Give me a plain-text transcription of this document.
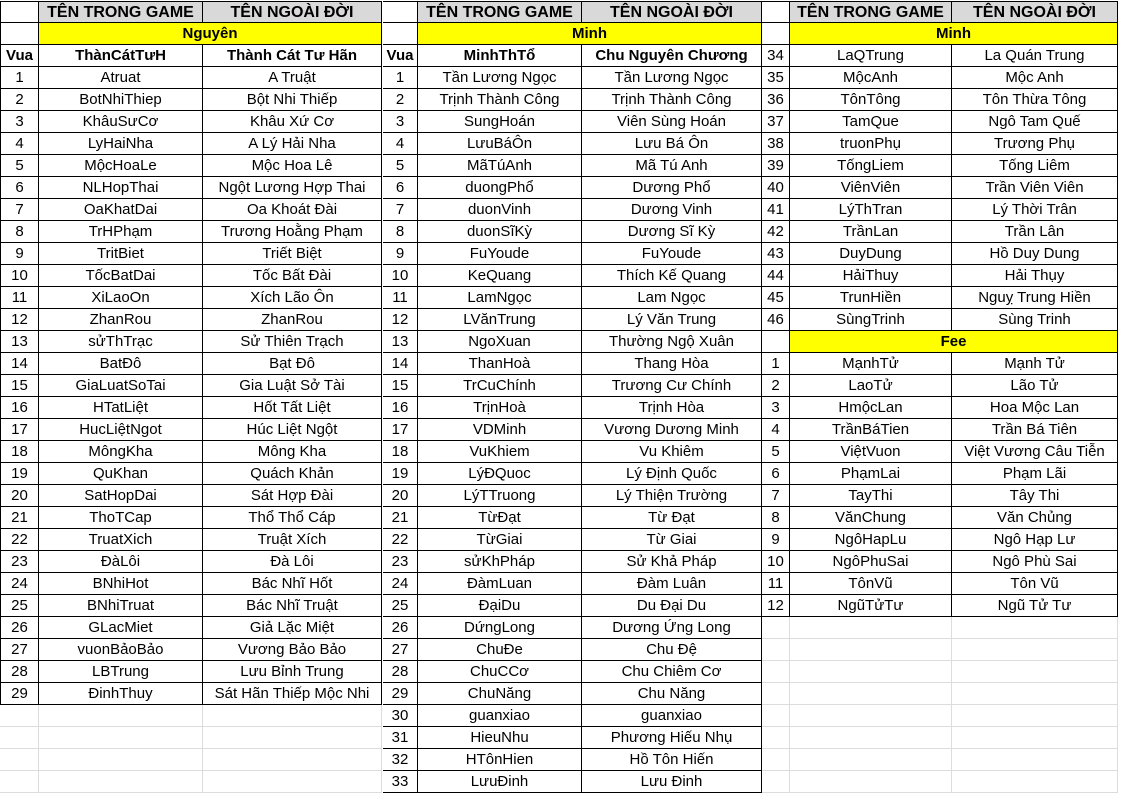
TÊN TRONG GAME	TÊN NGOÀI ĐỜI
Nguyên
Vua	ThànCátTưH	Thành Cát Tư Hãn
1	Atruat	A Truật
2	BotNhiThiep	Bột Nhi Thiếp
3	KhâuSưCơ	Khâu Xứ Cơ
4	LyHaiNha	A Lý Hải Nha
5	MộcHoaLe	Mộc Hoa Lê
6	NLHopThai	Ngột Lương Hợp Thai
7	OaKhatDai	Oa Khoát Đài
8	TrHPhạm	Trương Hoằng Phạm
9	TritBiet	Triết Biệt
10	TốcBatDai	Tốc Bất Đài
11	XiLaoOn	Xích Lão Ôn
12	ZhanRou	ZhanRou
13	sửThTrạc	Sử Thiên Trạch
14	BatĐô	Bạt Đô
15	GiaLuatSoTai	Gia Luật Sở Tài
16	HTatLiệt	Hốt Tất Liệt
17	HucLiệtNgot	Húc Liệt Ngột
18	MôngKha	Mông Kha
19	QuKhan	Quách Khản
20	SatHopDai	Sát Hợp Đài
21	ThoTCap	Thổ Thổ Cáp
22	TruatXich	Truật Xích
23	ĐàLôi	Đà Lôi
24	BNhiHot	Bác Nhĩ Hốt
25	BNhiTruat	Bác Nhĩ Truật
26	GLacMiet	Giả Lặc Miệt
27	vuonBảoBảo	Vương Bảo Bảo
28	LBTrung	Lưu Bỉnh Trung
29	ĐinhThuy	Sát Hãn Thiếp Mộc Nhi
TÊN TRONG GAME	TÊN NGOÀI ĐỜI
Minh
Vua	MinhThTổ	Chu Nguyên Chương
1	Tần Lương Ngọc	Tần Lương Ngọc
2	Trịnh Thành Công	Trịnh Thành Công
3	SungHoán	Viên Sùng Hoán
4	LưuBáÔn	Lưu Bá Ôn
5	MãTúAnh	Mã Tú Anh
6	duongPhổ	Dương Phổ
7	duonVinh	Dương Vinh
8	duonSĩKỳ	Dương Sĩ Kỳ
9	FuYoude	FuYoude
10	KeQuang	Thích Kế Quang
11	LamNgọc	Lam Ngọc
12	LVănTrung	Lý Văn Trung
13	NgoXuan	Thường Ngộ Xuân
14	ThanHoà	Thang Hòa
15	TrCuChính	Trương Cư Chính
16	TrịnHoà	Trịnh Hòa
17	VDMinh	Vương Dương Minh
18	VuKhiem	Vu Khiêm
19	LýĐQuoc	Lý Định Quốc
20	LýTTruong	Lý Thiện Trường
21	TừĐạt	Từ Đạt
22	TừGiai	Từ Giai
23	sửKhPháp	Sử Khả Pháp
24	ĐàmLuan	Đàm Luân
25	ĐạiDu	Du Đại Du
26	DứngLong	Dương Ứng Long
27	ChuĐe	Chu Đệ
28	ChuCCơ	Chu Chiêm Cơ
29	ChuNăng	Chu Năng
30	guanxiao	guanxiao
31	HieuNhu	Phương Hiếu Nhụ
32	HTônHien	Hồ Tôn Hiến
33	LưuĐinh	Lưu Đinh
TÊN TRONG GAME	TÊN NGOÀI ĐỜI
Minh
34	LaQTrung	La Quán Trung
35	MộcAnh	Mộc Anh
36	TônTông	Tôn Thừa Tông
37	TamQue	Ngô Tam Quế
38	truonPhụ	Trương Phụ
39	TốngLiem	Tống Liêm
40	ViênViên	Trần Viên Viên
41	LýThTran	Lý Thời Trân
42	TrầnLan	Trần Lân
43	DuyDung	Hồ Duy Dung
44	HảiThuy	Hải Thụy
45	TrunHiền	Nguỵ Trung Hiền
46	SùngTrinh	Sùng Trinh
Fee
1	MạnhTử	Mạnh Tử
2	LaoTử	Lão Tử
3	HmộcLan	Hoa Mộc Lan
4	TrầnBáTien	Trần Bá Tiên
5	ViệtVuon	Việt Vương Câu Tiễn
6	PhạmLai	Phạm Lãi
7	TayThi	Tây Thi
8	VănChung	Văn Chủng
9	NgôHapLu	Ngô Hạp Lư
10	NgôPhuSai	Ngô Phù Sai
11	TônVũ	Tôn Vũ
12	NgũTửTư	Ngũ Tử Tư
